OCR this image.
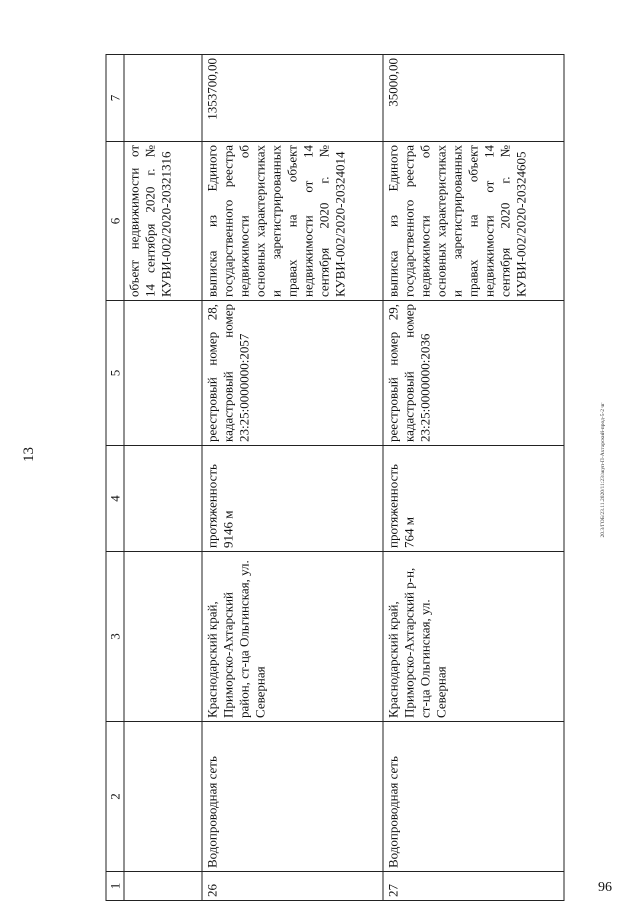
13
96
20.3/ГОБ/23.11.2020/11:23/акуп-П-Ахтарский-прод-5-2 чг
1	2	3	4	5	6	7
					объект недвижимости от 14 сентября 2020 г. № КУВИ-002/2020-20321316	
26	Водопроводная сеть	Краснодарский край, Приморско-Ахтарский район, ст-ца Ольгинская, ул. Северная	протяженность 9146 м	реестровый номер 28, кадастровый номер 23:25:0000000:2057	выписка из Единого государственного реестра недвижимости об основных характеристиках и зарегистрированных правах на объект недвижимости от 14 сентября 2020 г. № КУВИ-002/2020-20324014	1353700,00
27	Водопроводная сеть	Краснодарский край, Приморско-Ахтарский р-н, ст-ца Ольгинская, ул. Северная	протяженность 764 м	реестровый номер 29, кадастровый номер 23:25:0000000:2036	выписка из Единого государственного реестра недвижимости об основных характеристиках и зарегистрированных правах на объект недвижимости от 14 сентября 2020 г. № КУВИ-002/2020-20324605	35000,00
